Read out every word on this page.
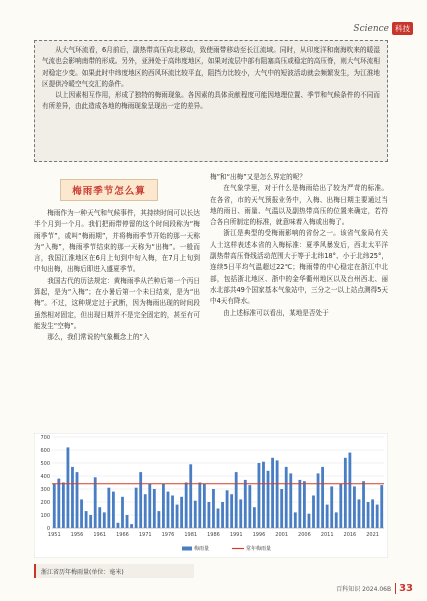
Science 科技

从大气环流看，6月前后，副热带高压向北移动，致使雨带移动至长江流域。同时，从印度洋和南海吹来的暖湿气流也会影响南带的形成。另外，亚洲处于高纬度地区，如果对流层中部有阻塞高压或稳定的高压脊，则大气环流相对稳定少变。如果此时中纬度地区的西风环流比较平直，阻挡力比较小，大气中的短波活动就会频繁发生，为江淮地区提供冷暖空气交汇的条件。

以上因素相互作用，形成了独特的梅雨现象。各因素的具体贡献程度可能因地理位置、季节和气候条件的不同而有所差异，由此造成各地的梅雨现象呈现出一定的差异。

梅雨季节怎么算

梅雨作为一种天气和气候事件，其持续时间可以长达半个月到一个月。我们把雨带停留的这个时间段称为“梅雨季节”，或叫“梅雨期”，并将梅雨季节开始的那一天称为“入梅”，梅雨季节结束的那一天称为“出梅”。一般而言，我国江淮地区在6月上旬到中旬入梅，在7月上旬到中旬出梅，出梅后即进入盛夏季节。

我国古代的历法规定：黄梅雨季从芒种后第一个丙日算起，是为“入梅”；在小暑后第一个未日结束，是为“出梅”。不过，这种规定过于武断，因为梅雨出现的时间段虽然相对固定，但出现日期并不是完全固定的，甚至有可能发生“空梅”。

那么，我们常说的气象概念上的“入

梅”和“出梅”又是怎么界定的呢？

在气象学里，对于什么是梅雨给出了较为严苛的标准。在各省，市的天气预报业务中，入梅、出梅日期主要通过当地的雨日、雨量、气温以及副热带高压的位置来确定，若符合各自所制定的标准，就意味着入梅或出梅了。

浙江是典型的受梅雨影响的省份之一。该省气象局有关人士这样表述本省的入梅标准：夏季风暴发后，西北太平洋副热带高压脊线活动范围大于等于北纬18°、小于北纬25°，连续5日平均气温超过22℃；梅雨带的中心稳定在浙江中北部，包括浙北地区、浙中的金华衢州地区以及台州西北、丽水北部共49个国家基本气象站中，三分之一以上站点测得5天中4天有降水。

由上述标准可以看出，某地是否处于

0
100
200
300
400
500
600
700
1951 1956 1961 1966 1971 1976 1981 1986 1991 1996 2001 2006 2011 2016 2021
梅雨量	常年梅雨量
浙江省历年梅雨量(单位：毫米)
百科知识 2024.06B 33
